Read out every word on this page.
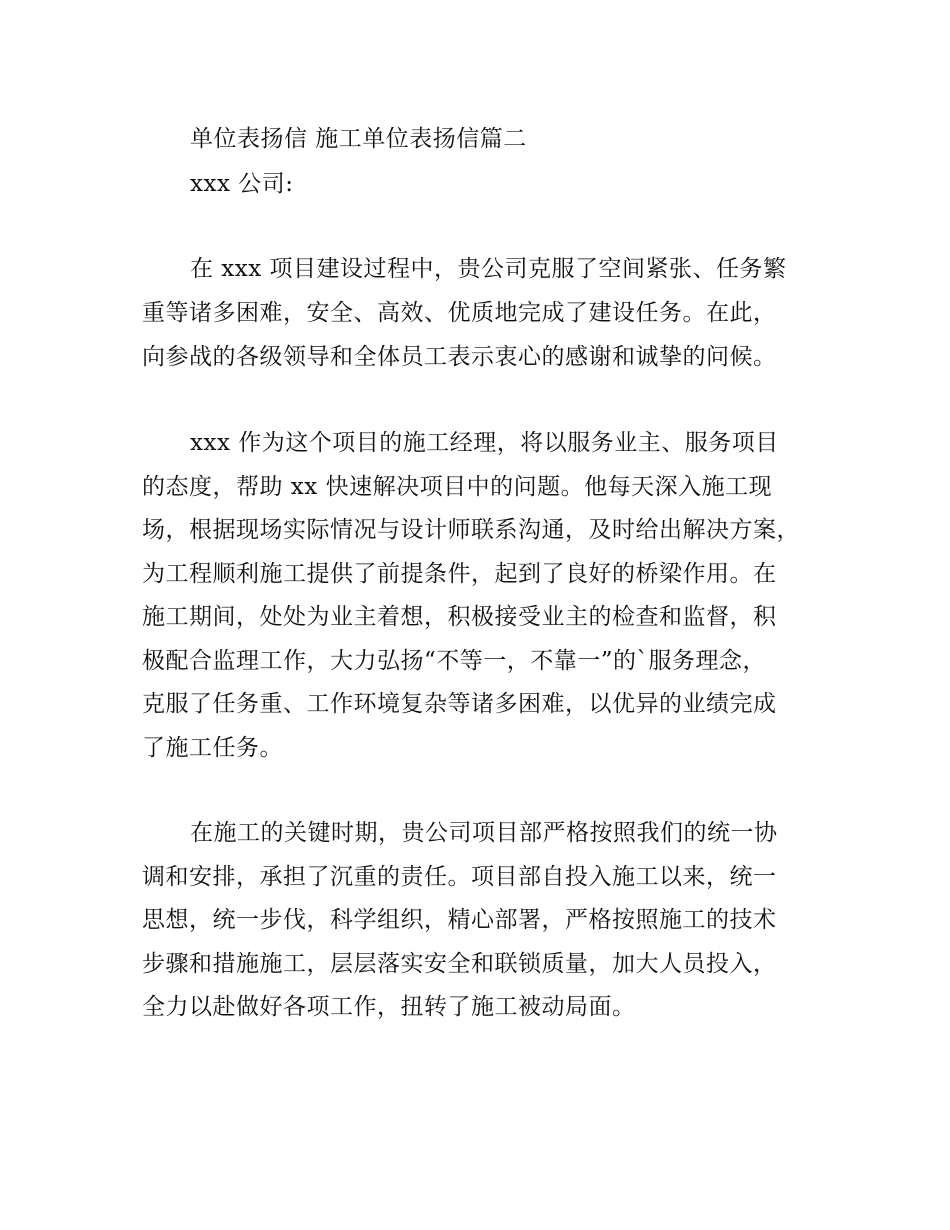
单位表扬信 施工单位表扬信篇二
xxx 公司:
在 xxx 项目建设过程中，贵公司克服了空间紧张、任务繁
重等诸多困难，安全、高效、优质地完成了建设任务。在此，
向参战的各级领导和全体员工表示衷心的感谢和诚挚的问候。
xxx 作为这个项目的施工经理，将以服务业主、服务项目
的态度，帮助 xx 快速解决项目中的问题。他每天深入施工现
场，根据现场实际情况与设计师联系沟通，及时给出解决方案，
为工程顺利施工提供了前提条件，起到了良好的桥梁作用。在
施工期间，处处为业主着想，积极接受业主的检查和监督，积
极配合监理工作，大力弘扬“不等一，不靠一”的`服务理念，
克服了任务重、工作环境复杂等诸多困难，以优异的业绩完成
了施工任务。
在施工的关键时期，贵公司项目部严格按照我们的统一协
调和安排，承担了沉重的责任。项目部自投入施工以来，统一
思想，统一步伐，科学组织，精心部署，严格按照施工的技术
步骤和措施施工，层层落实安全和联锁质量，加大人员投入，
全力以赴做好各项工作，扭转了施工被动局面。
